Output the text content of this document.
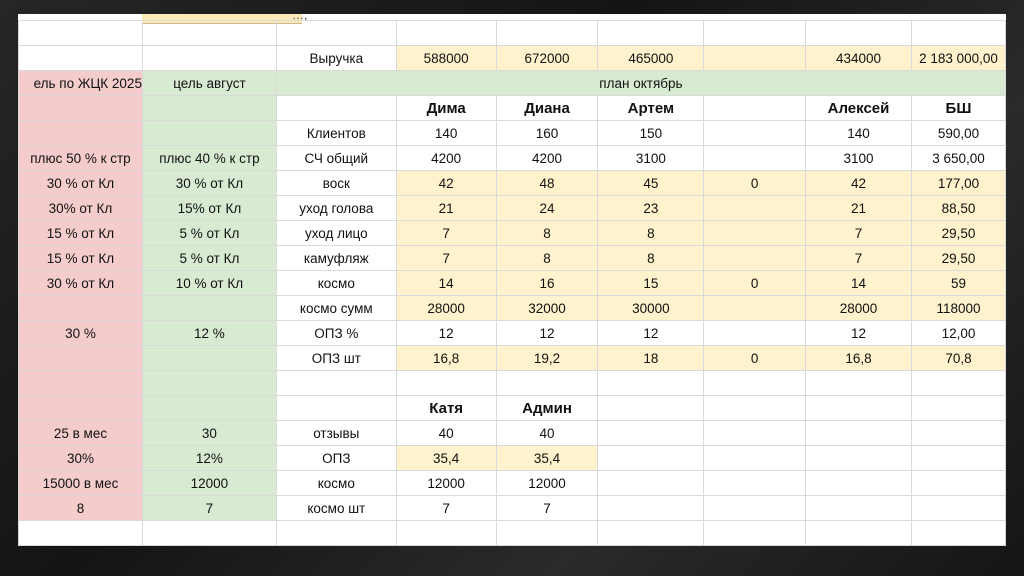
…,

		Выручка	588000	672000	465000		434000	2 183 000,00
ель по ЖЦК 2025	цель август	план октябрь						
			Дима	Диана	Артем		Алексей	БШ
		Клиентов	140	160	150		140	590,00
плюс 50 % к стр	плюс 40 % к стр	СЧ общий	4200	4200	3100		3100	3 650,00
30 % от Кл	30 % от Кл	воск	42	48	45	0	42	177,00
30% от Кл	15% от Кл	уход голова	21	24	23		21	88,50
15 % от Кл	5 % от Кл	уход лицо	7	8	8		7	29,50
15 % от Кл	5 % от Кл	камуфляж	7	8	8		7	29,50
30 % от Кл	10 % от Кл	космо	14	16	15	0	14	59
		космо сумм	28000	32000	30000		28000	118000
30 %	12 %	ОПЗ %	12	12	12		12	12,00
		ОПЗ шт	16,8	19,2	18	0	16,8	70,8

			Катя	Админ				
25 в мес	30	отзывы	40	40				
30%	12%	ОПЗ	35,4	35,4				
15000 в мес	12000	космо	12000	12000				
8	7	космо шт	7	7				
